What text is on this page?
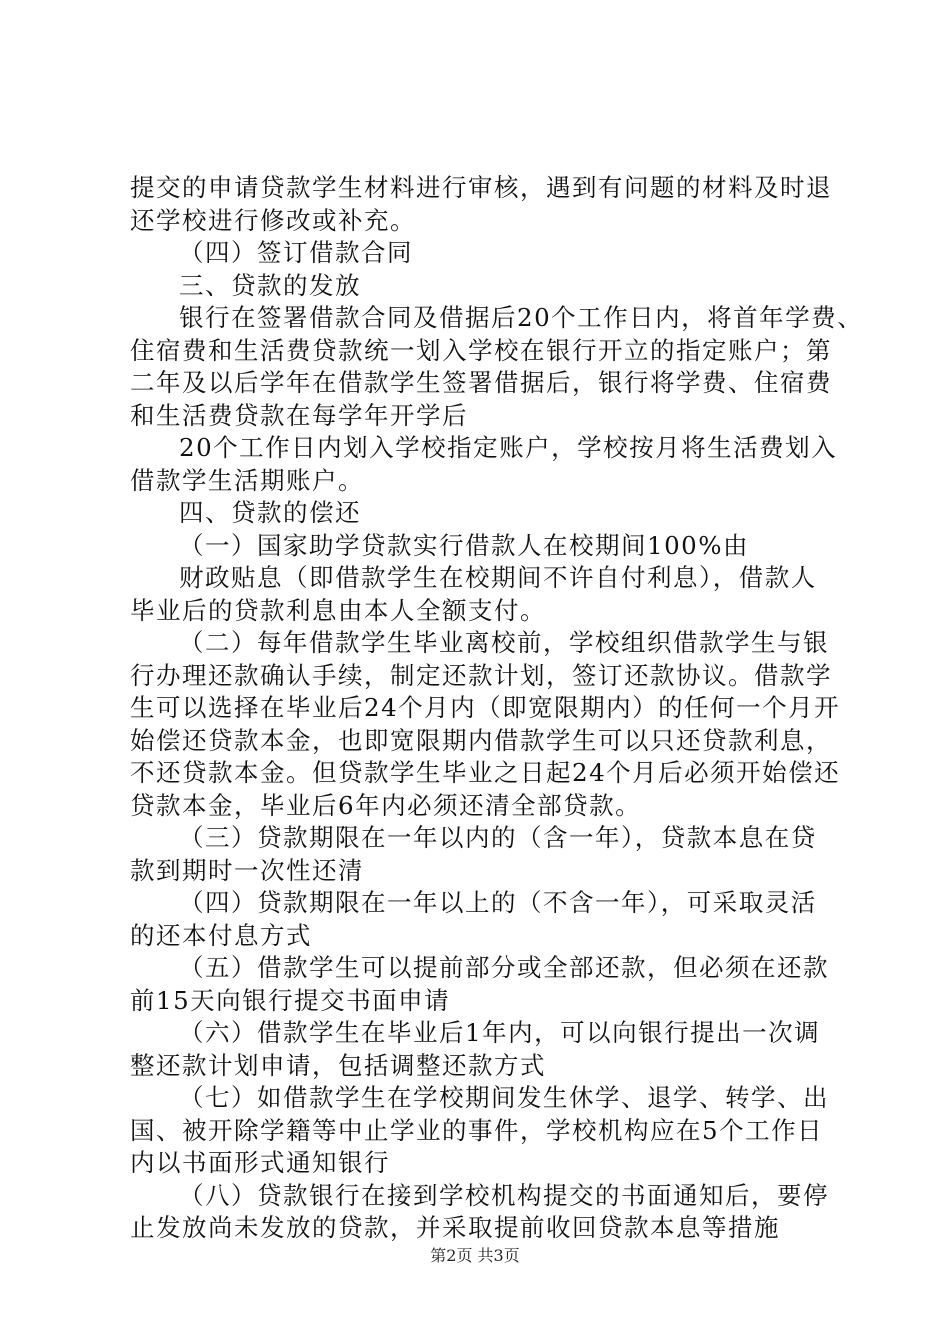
提交的申请贷款学生材料进行审核，遇到有问题的材料及时退
还学校进行修改或补充。
（四）签订借款合同
三、贷款的发放
银行在签署借款合同及借据后20个工作日内，将首年学费、
住宿费和生活费贷款统一划入学校在银行开立的指定账户；第
二年及以后学年在借款学生签署借据后，银行将学费、住宿费
和生活费贷款在每学年开学后
20个工作日内划入学校指定账户，学校按月将生活费划入
借款学生活期账户。
四、贷款的偿还
（一）国家助学贷款实行借款人在校期间100%由
财政贴息（即借款学生在校期间不许自付利息），借款人
毕业后的贷款利息由本人全额支付。
（二）每年借款学生毕业离校前，学校组织借款学生与银
行办理还款确认手续，制定还款计划，签订还款协议。借款学
生可以选择在毕业后24个月内（即宽限期内）的任何一个月开
始偿还贷款本金，也即宽限期内借款学生可以只还贷款利息，
不还贷款本金。但贷款学生毕业之日起24个月后必须开始偿还
贷款本金，毕业后6年内必须还清全部贷款。
（三）贷款期限在一年以内的（含一年），贷款本息在贷
款到期时一次性还清
（四）贷款期限在一年以上的（不含一年），可采取灵活
的还本付息方式
（五）借款学生可以提前部分或全部还款，但必须在还款
前15天向银行提交书面申请
（六）借款学生在毕业后1年内，可以向银行提出一次调
整还款计划申请，包括调整还款方式
（七）如借款学生在学校期间发生休学、退学、转学、出
国、被开除学籍等中止学业的事件，学校机构应在5个工作日
内以书面形式通知银行
（八）贷款银行在接到学校机构提交的书面通知后，要停
止发放尚未发放的贷款，并采取提前收回贷款本息等措施
第2页 共3页
